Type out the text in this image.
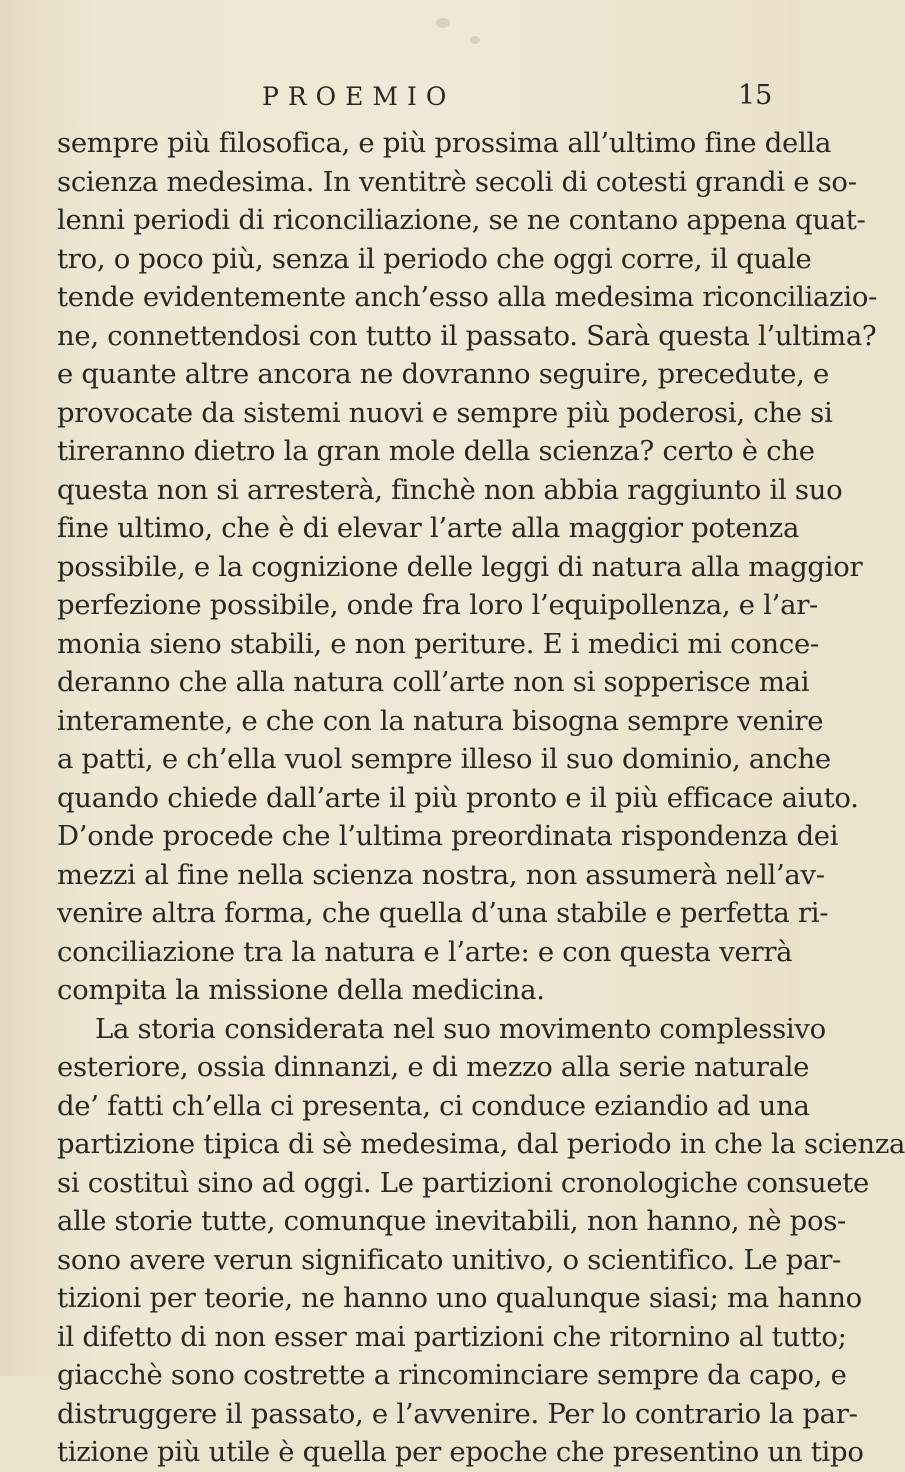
PROEMIO	15
sempre più filosofica, e più prossima all’ultimo fine della
scienza medesima. In ventitrè secoli di cotesti grandi e so-
lenni periodi di riconciliazione, se ne contano appena quat-
tro, o poco più, senza il periodo che oggi corre, il quale
tende evidentemente anch’esso alla medesima riconciliazio-
ne, connettendosi con tutto il passato. Sarà questa l’ultima?
e quante altre ancora ne dovranno seguire, precedute, e
provocate da sistemi nuovi e sempre più poderosi, che si
tireranno dietro la gran mole della scienza? certo è che
questa non si arresterà, finchè non abbia raggiunto il suo
fine ultimo, che è di elevar l’arte alla maggior potenza
possibile, e la cognizione delle leggi di natura alla maggior
perfezione possibile, onde fra loro l’equipollenza, e l’ar-
monia sieno stabili, e non periture. E i medici mi conce-
deranno che alla natura coll’arte non si sopperisce mai
interamente, e che con la natura bisogna sempre venire
a patti, e ch’ella vuol sempre illeso il suo dominio, anche
quando chiede dall’arte il più pronto e il più efficace aiuto.
D’onde procede che l’ultima preordinata rispondenza dei
mezzi al fine nella scienza nostra, non assumerà nell’av-
venire altra forma, che quella d’una stabile e perfetta ri-
conciliazione tra la natura e l’arte: e con questa verrà
compita la missione della medicina.
La storia considerata nel suo movimento complessivo
esteriore, ossia dinnanzi, e di mezzo alla serie naturale
de’ fatti ch’ella ci presenta, ci conduce eziandio ad una
partizione tipica di sè medesima, dal periodo in che la scienza
si costituì sino ad oggi. Le partizioni cronologiche consuete
alle storie tutte, comunque inevitabili, non hanno, nè pos-
sono avere verun significato unitivo, o scientifico. Le par-
tizioni per teorie, ne hanno uno qualunque siasi; ma hanno
il difetto di non esser mai partizioni che ritornino al tutto;
giacchè sono costrette a rincominciare sempre da capo, e
distruggere il passato, e l’avvenire. Per lo contrario la par-
tizione più utile è quella per epoche che presentino un tipo
